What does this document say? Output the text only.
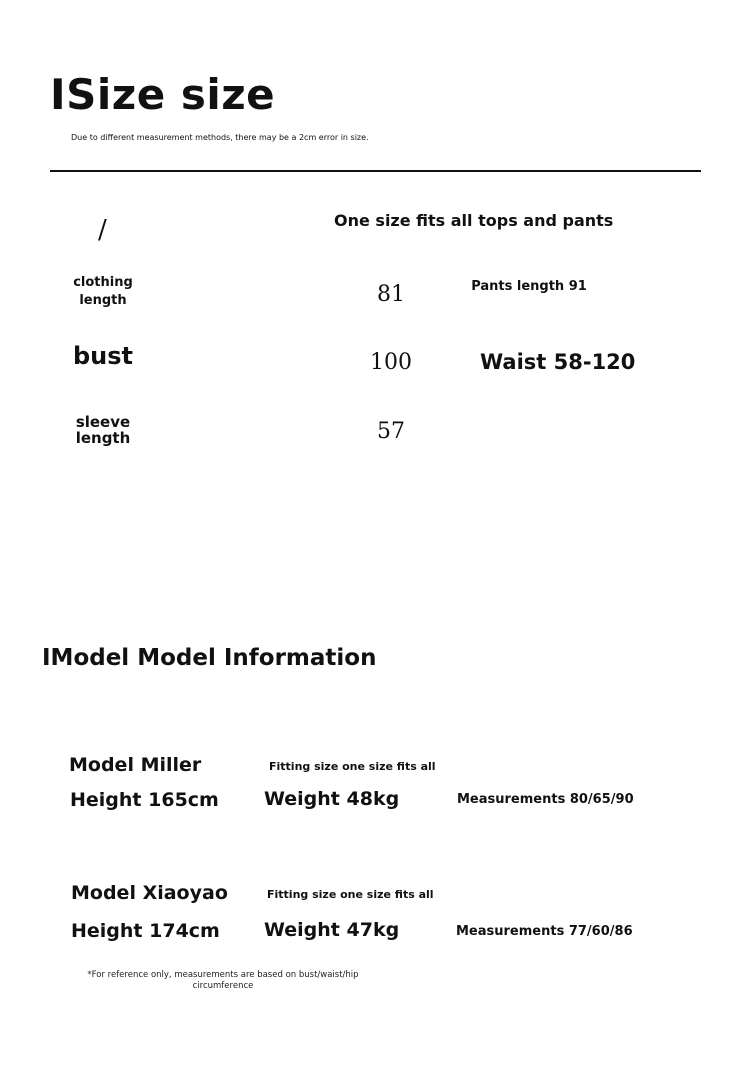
ISize size
Due to different measurement methods, there may be a 2cm error in size.
/	One size fits all tops and pants
clothing length	81	Pants length 91
bust	100	Waist 58-120
sleeve length	57
IModel Model Information
Model Miller	Fitting size one size fits all
Height 165cm Weight 48kg	Measurements 80/65/90
Model Xiaoyao	Fitting size one size fits all
Height 174cm Weight 47kg	Measurements 77/60/86
*For reference only, measurements are based on bust/waist/hip circumference
